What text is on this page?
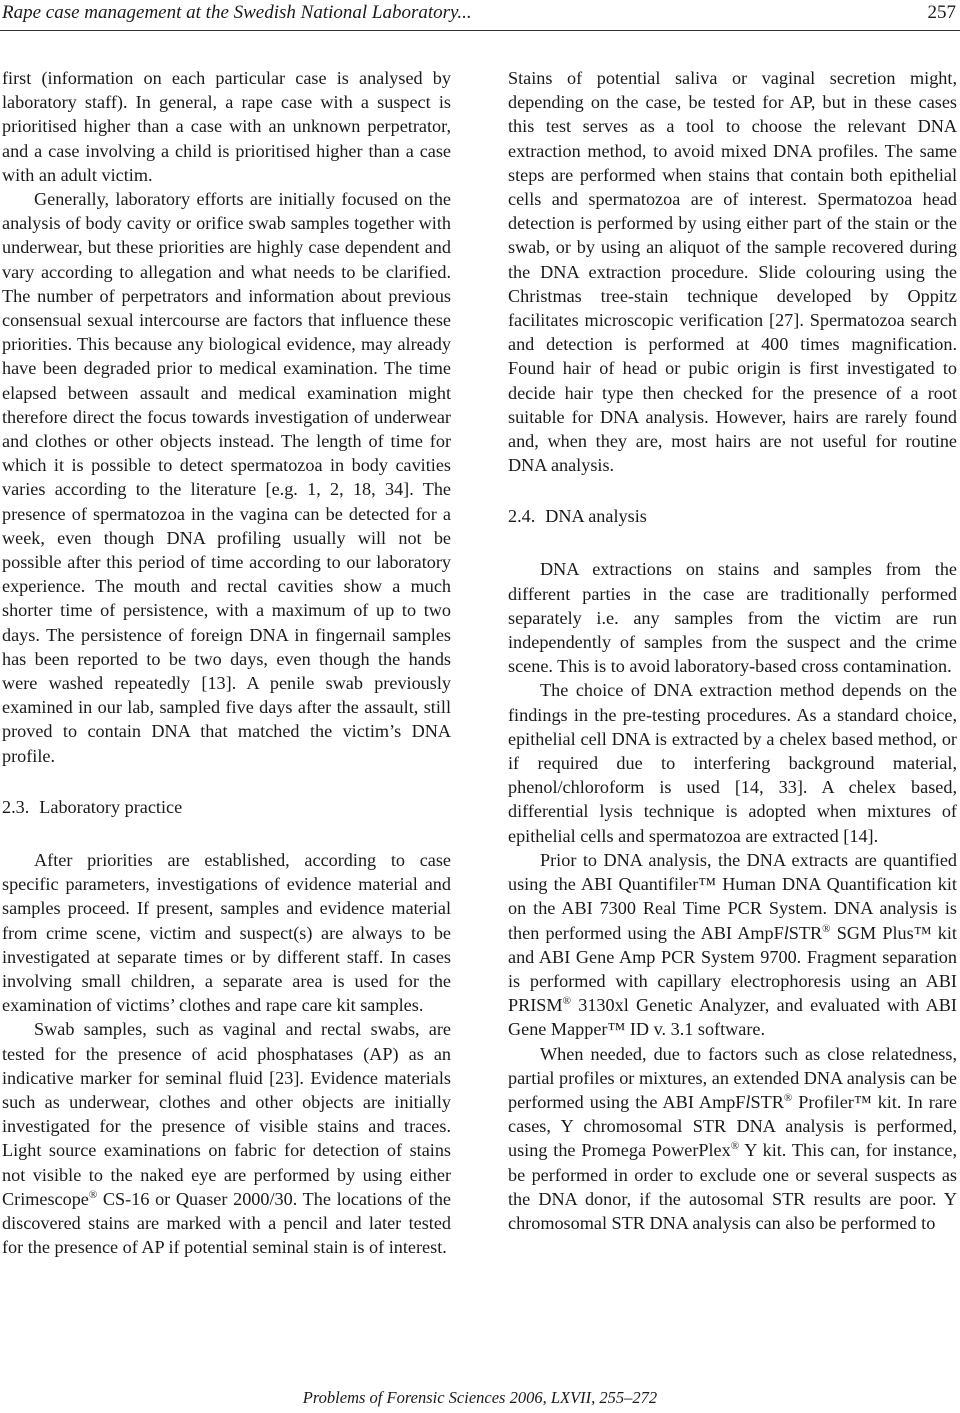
Rape case management at the Swedish National Laboratory...	257

first (information on each particular case is analysed by laboratory staff). In general, a rape case with a suspect is prioritised higher than a case with an unknown perpetrator, and a case involving a child is prioritised higher than a case with an adult victim.

Generally, laboratory efforts are initially focused on the analysis of body cavity or orifice swab samples together with underwear, but these priorities are highly case dependent and vary according to allegation and what needs to be clarified. The number of perpetrators and information about previous consensual sexual intercourse are factors that influence these priorities. This because any biological evidence, may already have been degraded prior to medical examination. The time elapsed between assault and medical examination might therefore direct the focus towards investigation of underwear and clothes or other objects instead. The length of time for which it is possible to detect spermatozoa in body cavities varies according to the literature [e.g. 1, 2, 18, 34]. The presence of spermatozoa in the vagina can be detected for a week, even though DNA profiling usually will not be possible after this period of time according to our laboratory experience. The mouth and rectal cavities show a much shorter time of persistence, with a maximum of up to two days. The persistence of foreign DNA in fingernail samples has been reported to be two days, even though the hands were washed repeatedly [13]. A penile swab previously examined in our lab, sampled five days after the assault, still proved to contain DNA that matched the victim’s DNA profile.

2.3. Laboratory practice

After priorities are established, according to case specific parameters, investigations of evidence material and samples proceed. If present, samples and evidence material from crime scene, victim and suspect(s) are always to be investigated at separate times or by different staff. In cases involving small children, a separate area is used for the examination of victims’ clothes and rape care kit samples.

Swab samples, such as vaginal and rectal swabs, are tested for the presence of acid phosphatases (AP) as an indicative marker for seminal fluid [23]. Evidence materials such as underwear, clothes and other objects are initially investigated for the presence of visible stains and traces. Light source examinations on fabric for detection of stains not visible to the naked eye are performed by using either Crimescope® CS-16 or Quaser 2000/30. The locations of the discovered stains are marked with a pencil and later tested for the presence of AP if potential seminal stain is of interest.

Stains of potential saliva or vaginal secretion might, depending on the case, be tested for AP, but in these cases this test serves as a tool to choose the relevant DNA extraction method, to avoid mixed DNA profiles. The same steps are performed when stains that contain both epithelial cells and spermatozoa are of interest. Spermatozoa head detection is performed by using either part of the stain or the swab, or by using an aliquot of the sample recovered during the DNA extraction procedure. Slide colouring using the Christmas tree-stain technique developed by Oppitz facilitates microscopic verification [27]. Spermatozoa search and detection is performed at 400 times magnification. Found hair of head or pubic origin is first investigated to decide hair type then checked for the presence of a root suitable for DNA analysis. However, hairs are rarely found and, when they are, most hairs are not useful for routine DNA analysis.

2.4. DNA analysis

DNA extractions on stains and samples from the different parties in the case are traditionally performed separately i.e. any samples from the victim are run independently of samples from the suspect and the crime scene. This is to avoid laboratory-based cross contamination.

The choice of DNA extraction method depends on the findings in the pre-testing procedures. As a standard choice, epithelial cell DNA is extracted by a chelex based method, or if required due to interfering background material, phenol/chloroform is used [14, 33]. A chelex based, differential lysis technique is adopted when mixtures of epithelial cells and spermatozoa are extracted [14].

Prior to DNA analysis, the DNA extracts are quantified using the ABI Quantifiler™ Human DNA Quantification kit on the ABI 7300 Real Time PCR System. DNA analysis is then performed using the ABI AmpFlSTR® SGM Plus™ kit and ABI Gene Amp PCR System 9700. Fragment separation is performed with capillary electrophoresis using an ABI PRISM® 3130xl Genetic Analyzer, and evaluated with ABI Gene Mapper™ ID v. 3.1 software.

When needed, due to factors such as close relatedness, partial profiles or mixtures, an extended DNA analysis can be performed using the ABI AmpFlSTR® Profiler™ kit. In rare cases, Y chromosomal STR DNA analysis is performed, using the Promega PowerPlex® Y kit. This can, for instance, be performed in order to exclude one or several suspects as the DNA donor, if the autosomal STR results are poor. Y chromosomal STR DNA analysis can also be performed to

Problems of Forensic Sciences 2006, LXVII, 255–272
